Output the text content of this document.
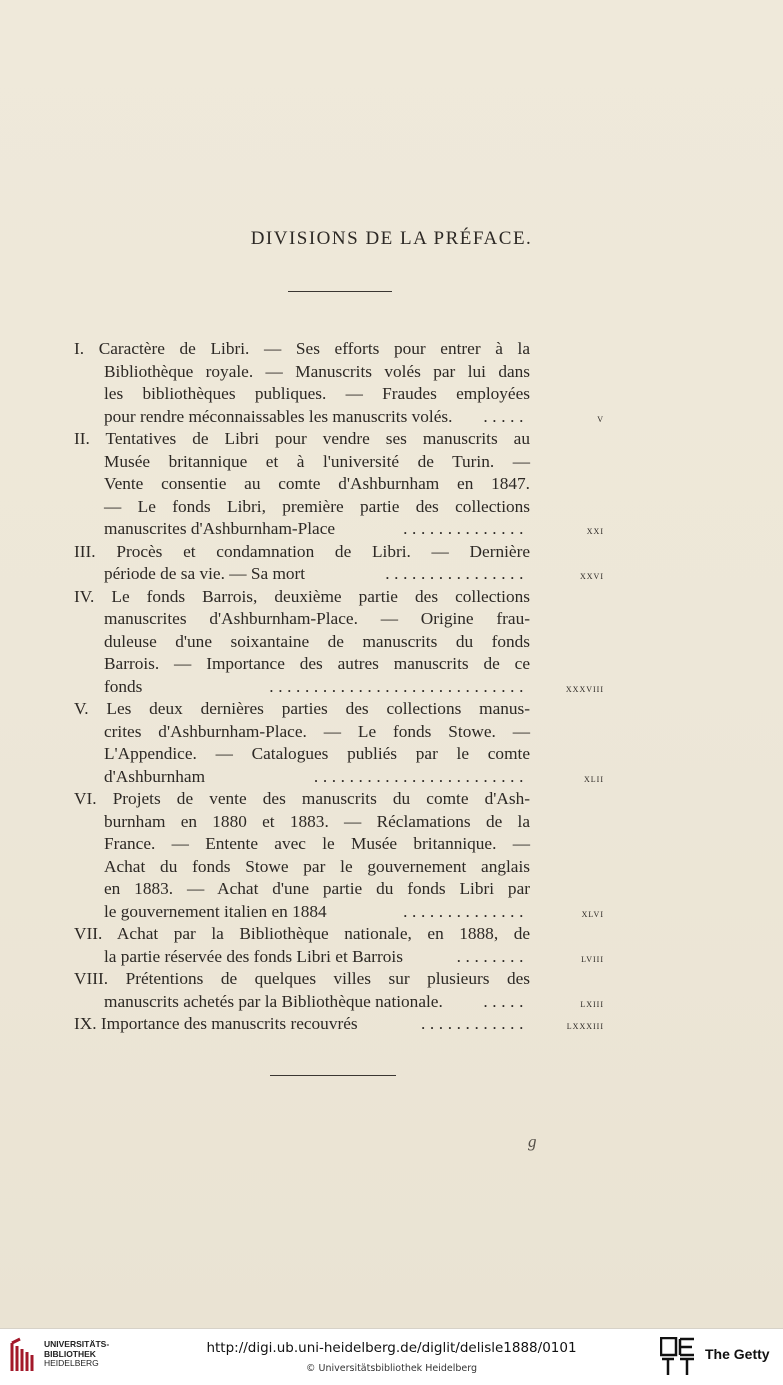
DIVISIONS DE LA PRÉFACE.
I. Caractère de Libri. — Ses efforts pour entrer à la
Bibliothèque royale. — Manuscrits volés par lui dans
les bibliothèques publiques. — Fraudes employées
pour rendre méconnaissables les manuscrits volés.	v
.....
II. Tentatives de Libri pour vendre ses manuscrits au
Musée britannique et à l'université de Turin. —
Vente consentie au comte d'Ashburnham en 1847.
— Le fonds Libri, première partie des collections
manuscrites d'Ashburnham-Place	xxi
..............
III. Procès et condamnation de Libri. — Dernière
période de sa vie. — Sa mort	xxvi
................
IV. Le fonds Barrois, deuxième partie des collections
manuscrites d'Ashburnham-Place. — Origine frau-
duleuse d'une soixantaine de manuscrits du fonds
Barrois. — Importance des autres manuscrits de ce
fonds	xxxviii
.............................
V. Les deux dernières parties des collections manus-
crites d'Ashburnham-Place. — Le fonds Stowe. —
L'Appendice. — Catalogues publiés par le comte
d'Ashburnham	xlii
........................
VI. Projets de vente des manuscrits du comte d'Ash-
burnham en 1880 et 1883. — Réclamations de la
France. — Entente avec le Musée britannique. —
Achat du fonds Stowe par le gouvernement anglais
en 1883. — Achat d'une partie du fonds Libri par
le gouvernement italien en 1884	xlvi
..............
VII. Achat par la Bibliothèque nationale, en 1888, de
la partie réservée des fonds Libri et Barrois	lviii
........
VIII. Prétentions de quelques villes sur plusieurs des
manuscrits achetés par la Bibliothèque nationale.	lxiii
.....
IX. Importance des manuscrits recouvrés	lxxxiii
............
g
UNIVERSITÄTS-
BIBLIOTHEK
HEIDELBERG
http://digi.ub.uni-heidelberg.de/diglit/delisle1888/0101
© Universitätsbibliothek Heidelberg
The Getty
